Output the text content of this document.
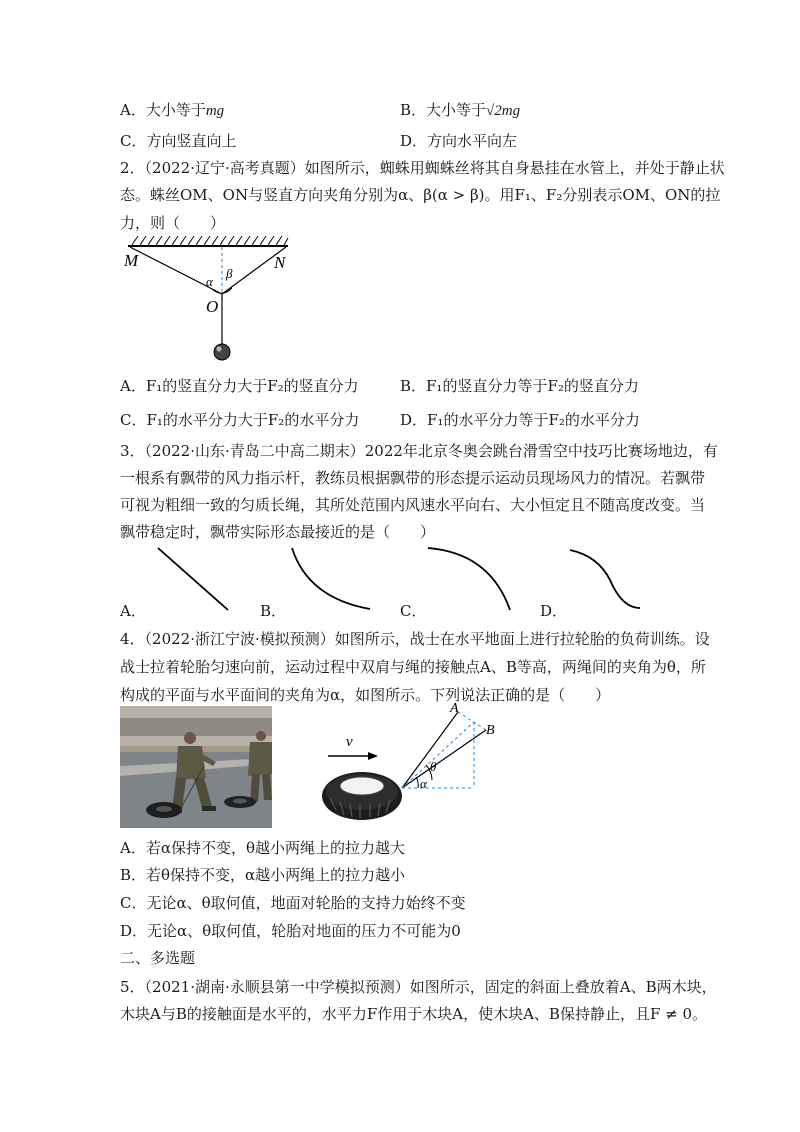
A．大小等于mg	B．大小等于√2mg
C．方向竖直向上	D．方向水平向左
2．（2022·辽宁·高考真题）如图所示，蜘蛛用蜘蛛丝将其自身悬挂在水管上，并处于静止状
态。蛛丝OM、ON与竖直方向夹角分别为α、β(α > β)。用F₁、F₂分别表示OM、ON的拉
力，则（　　）
M	N
O
α
β
A．F₁的竖直分力大于F₂的竖直分力	B．F₁的竖直分力等于F₂的竖直分力
C．F₁的水平分力大于F₂的水平分力	D．F₁的水平分力等于F₂的水平分力
3．（2022·山东·青岛二中高二期末）2022年北京冬奥会跳台滑雪空中技巧比赛场地边，有
一根系有飘带的风力指示杆，教练员根据飘带的形态提示运动员现场风力的情况。若飘带
可视为粗细一致的匀质长绳，其所处范围内风速水平向右、大小恒定且不随高度改变。当
飘带稳定时，飘带实际形态最接近的是（　　）
A．	B．	C．	D．
4．（2022·浙江宁波·模拟预测）如图所示，战士在水平地面上进行拉轮胎的负荷训练。设
战士拉着轮胎匀速向前，运动过程中双肩与绳的接触点A、B等高，两绳间的夹角为θ，所
构成的平面与水平面间的夹角为α，如图所示。下列说法正确的是（　　）
v
A
B
θ
α
A．若α保持不变，θ越小两绳上的拉力越大
B．若θ保持不变，α越小两绳上的拉力越小
C．无论α、θ取何值，地面对轮胎的支持力始终不变
D．无论α、θ取何值，轮胎对地面的压力不可能为0
二、多选题
5．（2021·湖南·永顺县第一中学模拟预测）如图所示，固定的斜面上叠放着A、B两木块，
木块A与B的接触面是水平的，水平力F作用于木块A，使木块A、B保持静止，且F ≠ 0。
